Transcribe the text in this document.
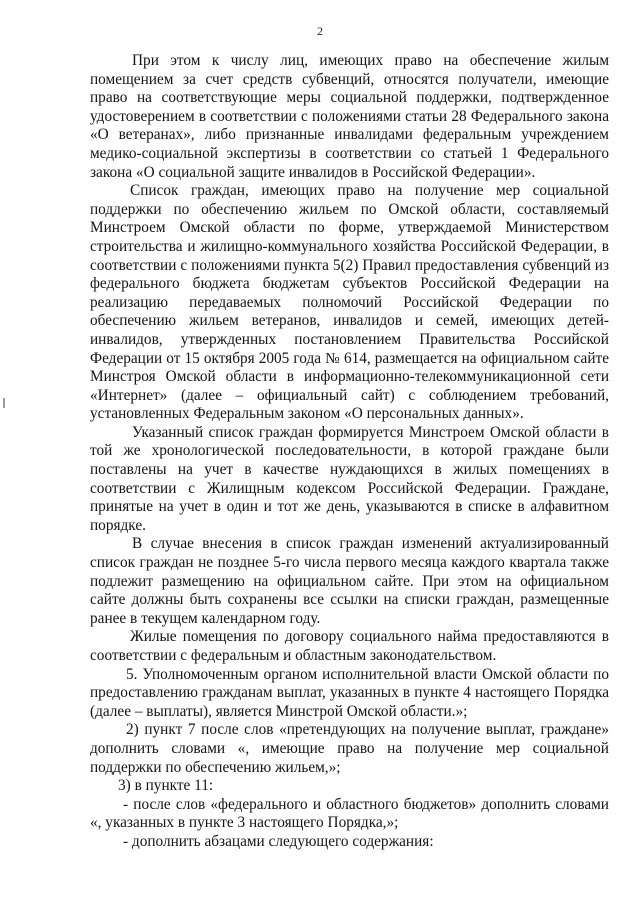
2

При этом к числу лиц, имеющих право на обеспечение жилым помещением за счет средств субвенций, относятся получатели, имеющие право на соответствующие меры социальной поддержки, подтвержденное удостоверением в соответствии с положениями статьи 28 Федерального закона «О ветеранах», либо признанные инвалидами федеральным учреждением медико-социальной экспертизы в соответствии со статьей 1 Федерального закона «О социальной защите инвалидов в Российской Федерации».

Список граждан, имеющих право на получение мер социальной поддержки по обеспечению жильем по Омской области, составляемый Минстроем Омской области по форме, утверждаемой Министерством строительства и жилищно-коммунального хозяйства Российской Федерации, в соответствии с положениями пункта 5(2) Правил предоставления субвенций из федерального бюджета бюджетам субъектов Российской Федерации на реализацию передаваемых полномочий Российской Федерации по обеспечению жильем ветеранов, инвалидов и семей, имеющих детей-инвалидов, утвержденных постановлением Правительства Российской Федерации от 15 октября 2005 года № 614, размещается на официальном сайте Минстроя Омской области в информационно-телекоммуникационной сети «Интернет» (далее – официальный сайт) с соблюдением требований, установленных Федеральным законом «О персональных данных».

Указанный список граждан формируется Минстроем Омской области в той же хронологической последовательности, в которой граждане были поставлены на учет в качестве нуждающихся в жилых помещениях в соответствии с Жилищным кодексом Российской Федерации. Граждане, принятые на учет в один и тот же день, указываются в списке в алфавитном порядке.

В случае внесения в список граждан изменений актуализированный список граждан не позднее 5-го числа первого месяца каждого квартала также подлежит размещению на официальном сайте. При этом на официальном сайте должны быть сохранены все ссылки на списки граждан, размещенные ранее в текущем календарном году.

Жилые помещения по договору социального найма предоставляются в соответствии с федеральным и областным законодательством.

5. Уполномоченным органом исполнительной власти Омской области по предоставлению гражданам выплат, указанных в пункте 4 настоящего Порядка (далее – выплаты), является Минстрой Омской области.»;

2) пункт 7 после слов «претендующих на получение выплат, граждане» дополнить словами «, имеющие право на получение мер социальной поддержки по обеспечению жильем,»;

3) в пункте 11:

- после слов «федерального и областного бюджетов» дополнить словами «, указанных в пункте 3 настоящего Порядка,»;

- дополнить абзацами следующего содержания:
